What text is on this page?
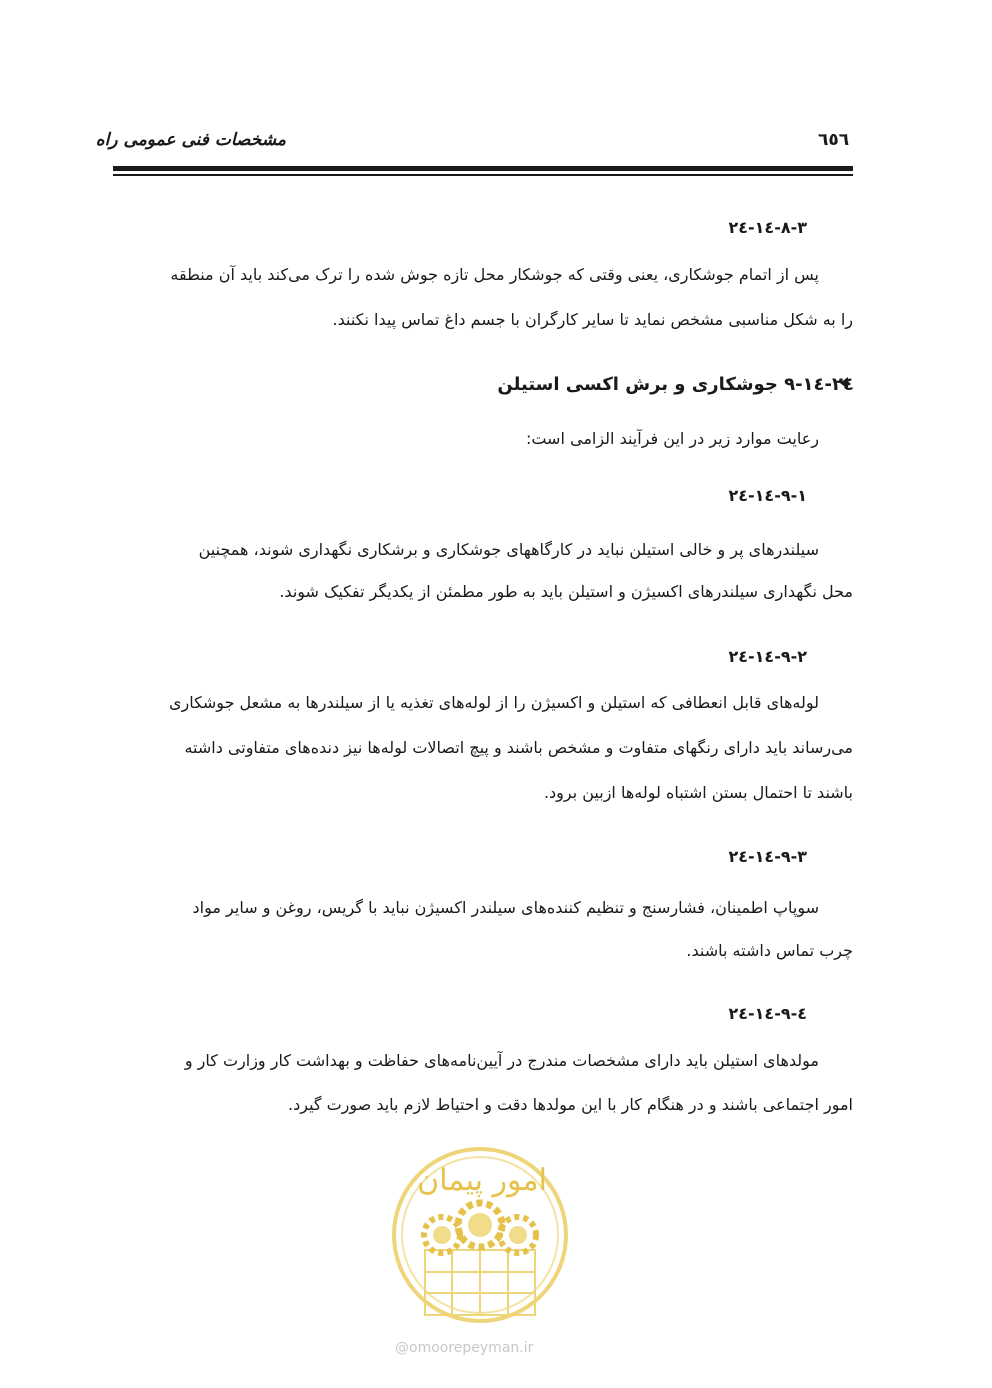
مشخصات فنی عمومی راه	٦٥٦
٣-٨-١٤-٢٤
پس از اتمام جوشکاری، یعنی وقتی که جوشکار محل تازه جوش شده را ترک می‌کند باید آن منطقه
را به شکل مناسبی مشخص نماید تا سایر کارگران با جسم داغ تماس پیدا نکنند.
٢٤-١٤-٩ جوشکاری و برش اکسی استیلن
رعایت موارد زیر در این فرآیند الزامی است:
١-٩-١٤-٢٤
سیلندرهای پر و خالی استیلن نباید در کارگاههای جوشکاری و برشکاری نگهداری شوند، همچنین
محل نگهداری سیلندرهای اکسیژن و استیلن باید به طور مطمئن از یکدیگر تفکیک شوند.
٢-٩-١٤-٢٤
لوله‌های قابل انعطافی که استیلن و اکسیژن را از لوله‌های تغذیه یا از سیلندرها به مشعل جوشکاری
می‌رساند باید دارای رنگهای متفاوت و مشخص باشند و پیچ اتصالات لوله‌ها نیز دنده‌های متفاوتی داشته
باشند تا احتمال بستن اشتباه لوله‌ها ازبین برود.
٣-٩-١٤-٢٤
سوپاپ اطمینان، فشارسنج و تنظیم کننده‌های سیلندر اکسیژن نباید با گریس، روغن و سایر مواد
چرب تماس داشته باشند.
٤-٩-١٤-٢٤
مولدهای استیلن باید دارای مشخصات مندرج در آیین‌نامه‌های حفاظت و بهداشت کار وزارت کار و
امور اجتماعی باشند و در هنگام کار با این مولدها دقت و احتیاط لازم باید صورت گیرد.
امور پیمان
@omoorepeyman.ir
